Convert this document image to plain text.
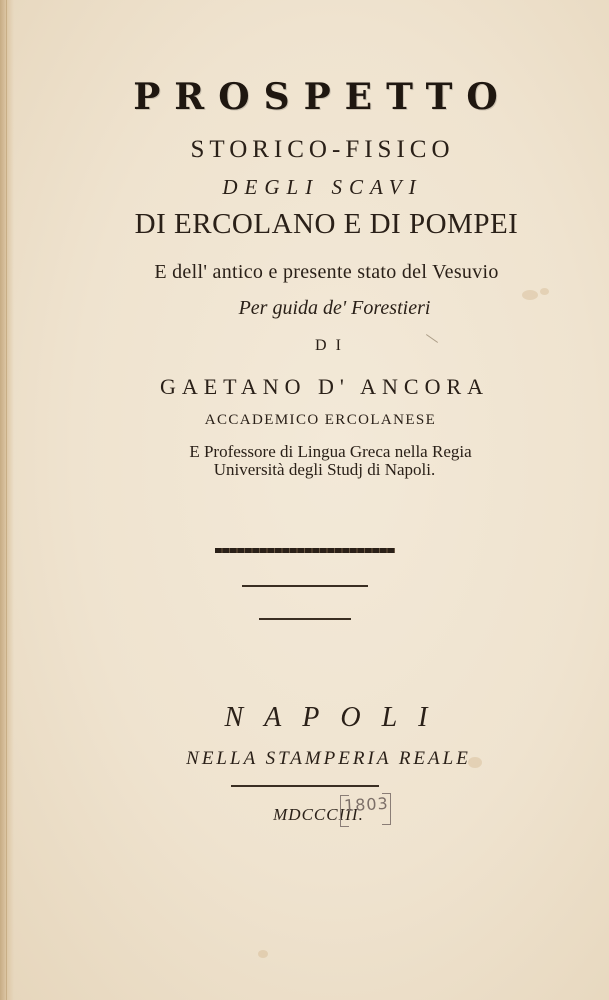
PROSPETTO
STORICO-FISICO
DEGLI SCAVI
DI ERCOLANO E DI POMPEI
E dell' antico e presente stato del Vesuvio
Per guida de' Forestieri
DI
GAETANO D' ANCORA
ACCADEMICO ERCOLANESE
E Professore di Lingua Greca nella Regia
Università degli Studj di Napoli.
NAPOLI
NELLA STAMPERIA REALE
MDCCCIII.
1803
